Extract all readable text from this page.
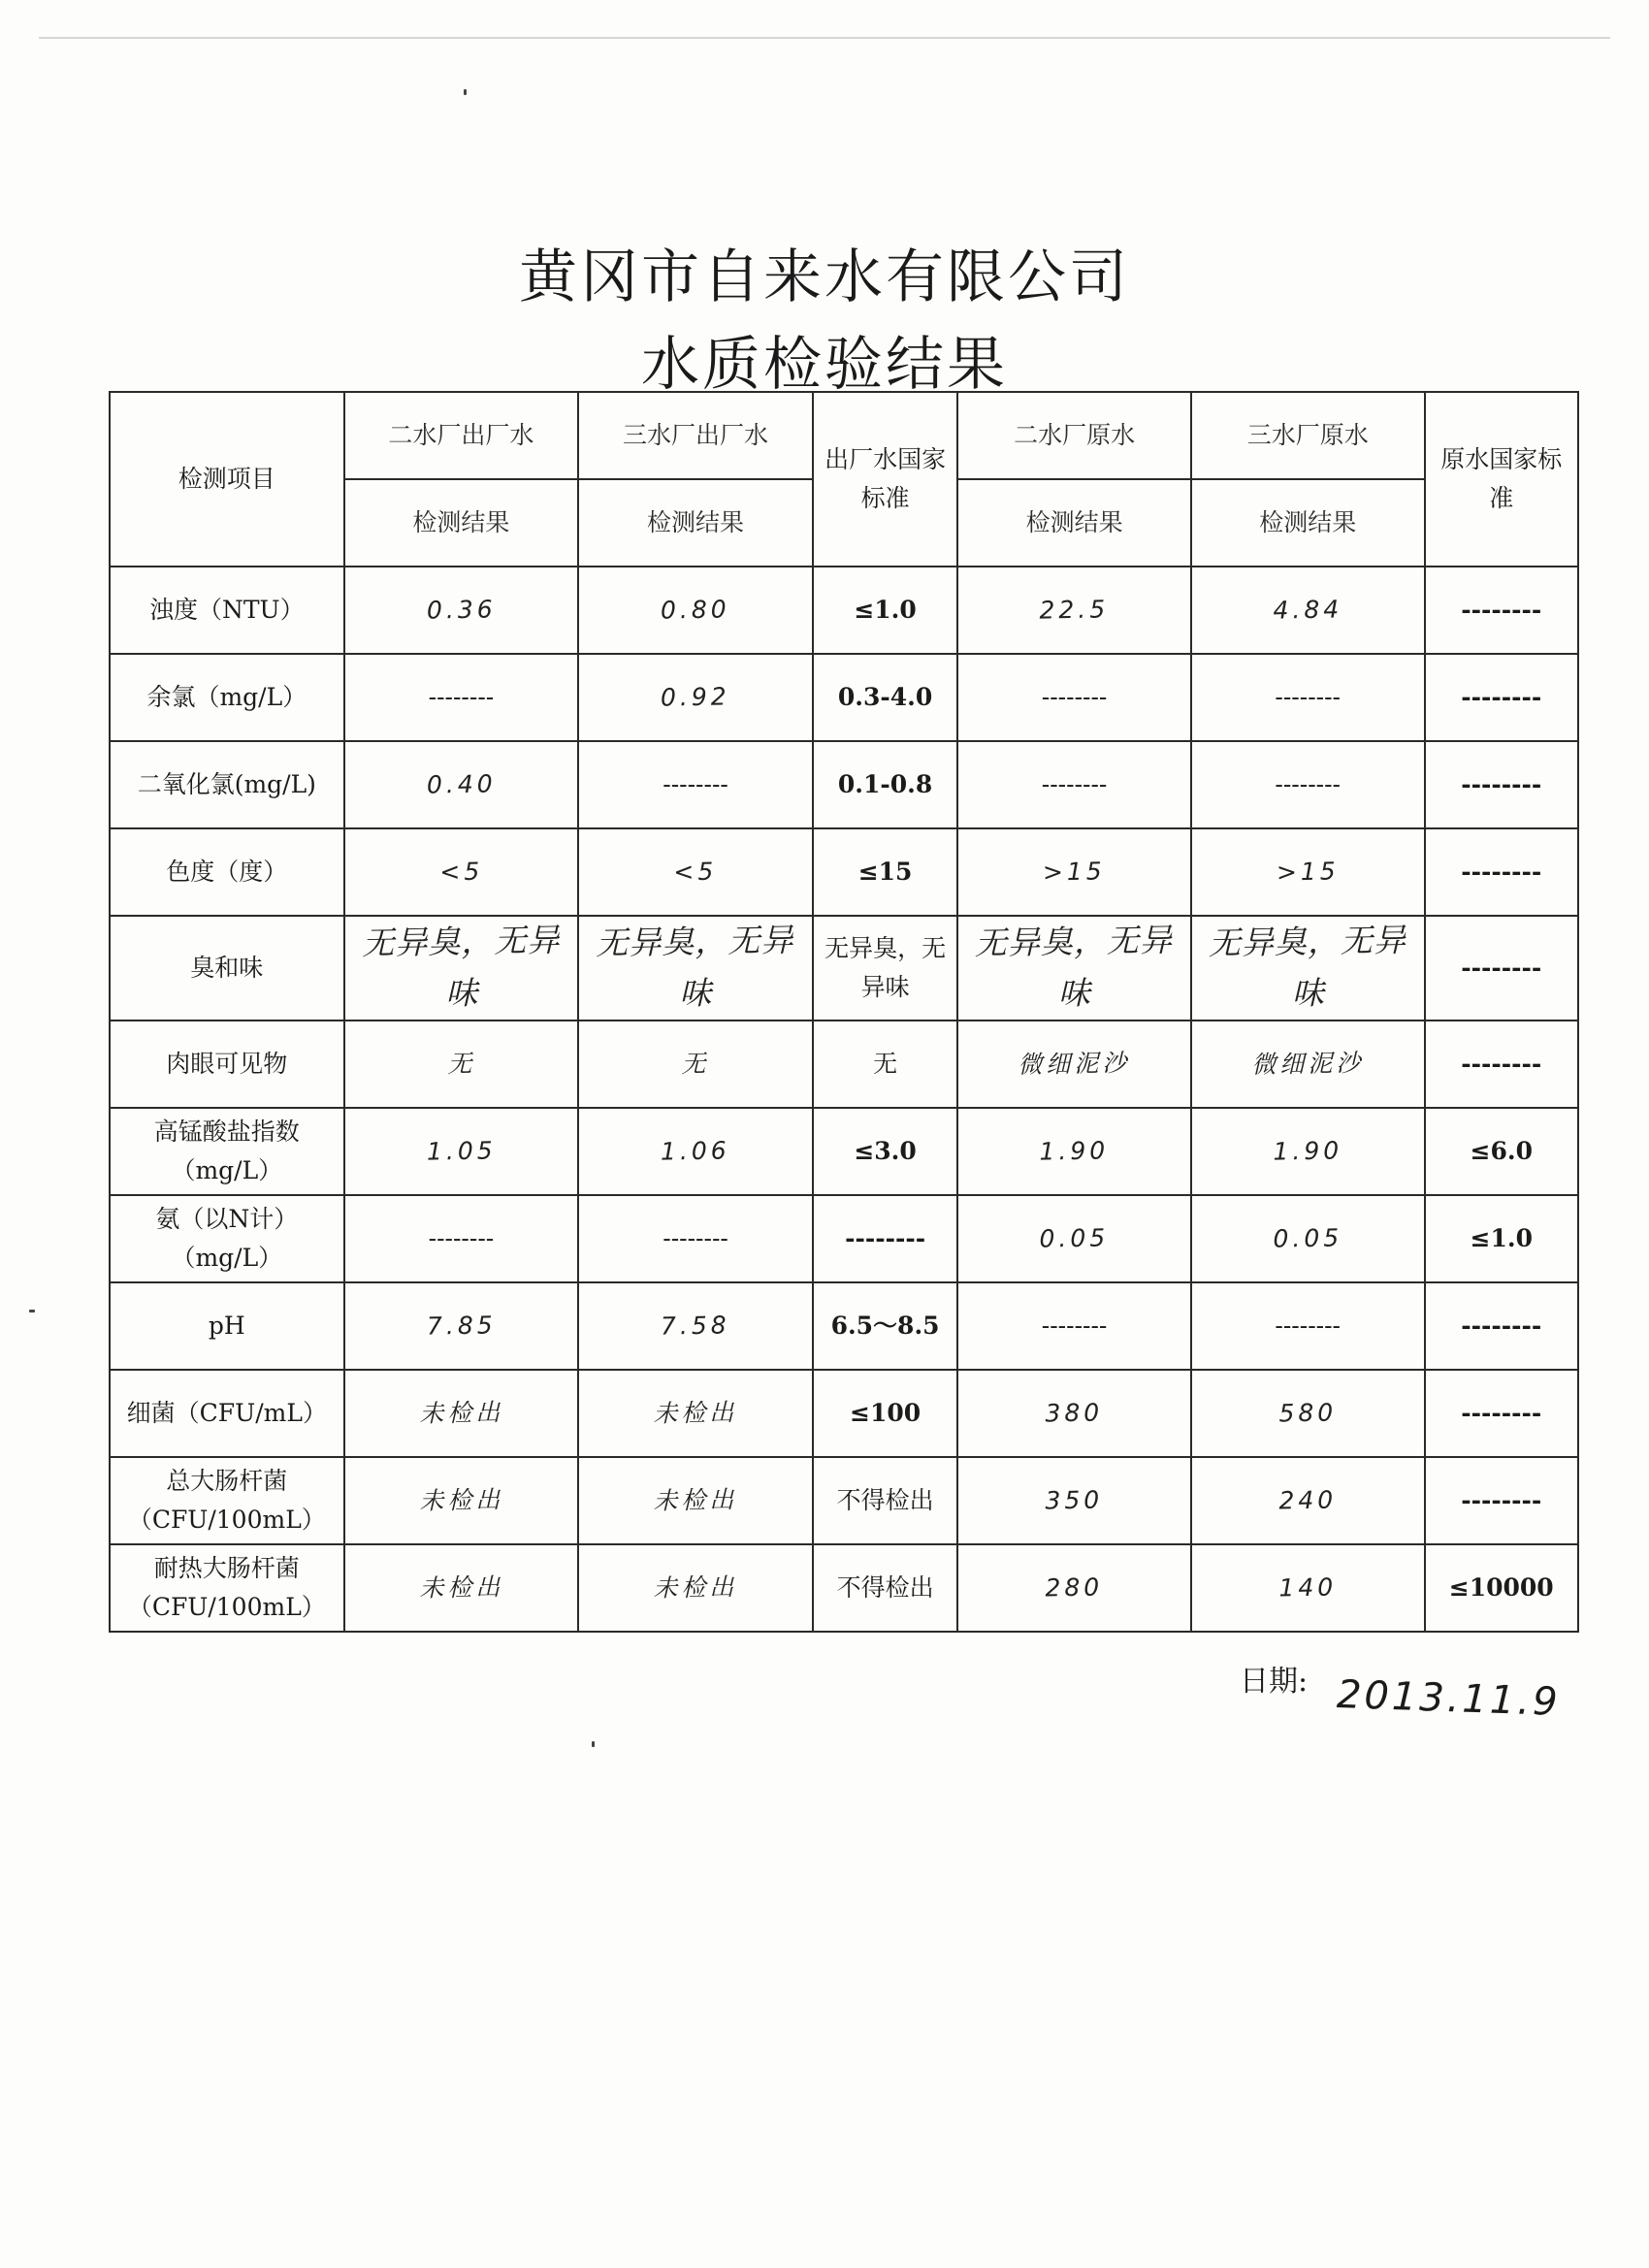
黄冈市自来水有限公司
水质检验结果
检测项目	二水厂出厂水	三水厂出厂水	出厂水国家标准	二水厂原水	三水厂原水	原水国家标准
	检测结果	检测结果		检测结果	检测结果	
浊度（NTU）	0.36	0.80	≤1.0	22.5	4.84	--------
余氯（mg/L）	--------	0.92	0.3-4.0	--------	--------	--------
二氧化氯(mg/L)	0.40	--------	0.1-0.8	--------	--------	--------
色度（度）	<5	<5	≤15	>15	>15	--------
臭和味	无异臭，无异味	无异臭，无异味	无异臭，无异味	无异臭，无异味	无异臭，无异味	--------
肉眼可见物	无	无	无	微细泥沙	微细泥沙	--------
高锰酸盐指数（mg/L）	1.05	1.06	≤3.0	1.90	1.90	≤6.0
氨（以N计）（mg/L）	--------	--------	--------	0.05	0.05	≤1.0
pH	7.85	7.58	6.5～8.5	--------	--------	--------
细菌（CFU/mL）	未检出	未检出	≤100	380	580	--------
总大肠杆菌（CFU/100mL）	未检出	未检出	不得检出	350	240	--------
耐热大肠杆菌（CFU/100mL）	未检出	未检出	不得检出	280	140	≤10000
日期: 2013.11.9
